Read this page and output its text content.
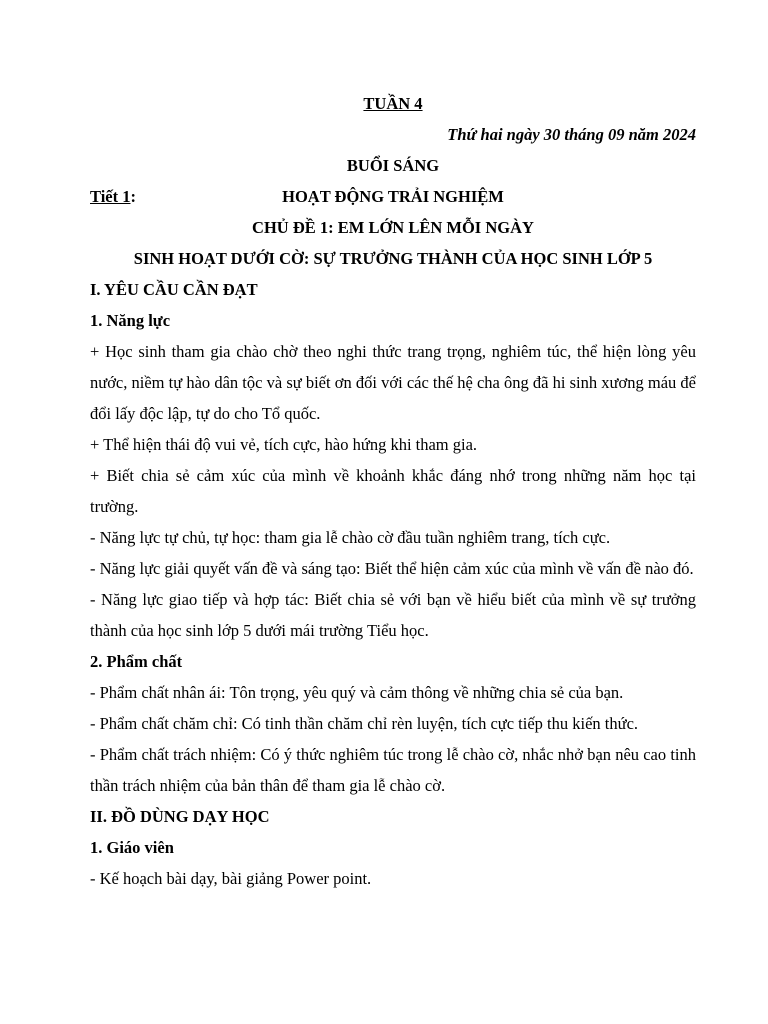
TUẦN 4
Thứ hai ngày 30 tháng 09 năm 2024
BUỔI SÁNG
Tiết 1:	HOẠT ĐỘNG TRẢI NGHIỆM
CHỦ ĐỀ 1: EM LỚN LÊN MỖI NGÀY
SINH HOẠT DƯỚI CỜ: SỰ TRƯỞNG THÀNH CỦA HỌC SINH LỚP 5
I. YÊU CẦU CẦN ĐẠT
1. Năng lực

+ Học sinh tham gia chào chờ theo nghi thức trang trọng, nghiêm túc, thể hiện lòng yêu nước, niềm tự hào dân tộc và sự biết ơn đối với các thế hệ cha ông đã hi sinh xương máu để đổi lấy độc lập, tự do cho Tổ quốc.

+ Thể hiện thái độ vui vẻ, tích cực, hào hứng khi tham gia.

+ Biết chia sẻ cảm xúc của mình về khoảnh khắc đáng nhớ trong những năm học tại trường.

- Năng lực tự chủ, tự học: tham gia lễ chào cờ đầu tuần nghiêm trang, tích cực.

- Năng lực giải quyết vấn đề và sáng tạo: Biết thể hiện cảm xúc của mình về vấn đề nào đó.

- Năng lực giao tiếp và hợp tác: Biết chia sẻ với bạn về hiểu biết của mình về sự trưởng thành của học sinh lớp 5 dưới mái trường Tiểu học.

2. Phẩm chất

- Phẩm chất nhân ái: Tôn trọng, yêu quý và cảm thông về những chia sẻ của bạn.

- Phẩm chất chăm chỉ: Có tinh thần chăm chỉ rèn luyện, tích cực tiếp thu kiến thức.

- Phẩm chất trách nhiệm: Có ý thức nghiêm túc trong lễ chào cờ, nhắc nhở bạn nêu cao tinh thần trách nhiệm của bản thân để tham gia lễ chào cờ.

II. ĐỒ DÙNG DẠY HỌC
1. Giáo viên

- Kế hoạch bài dạy, bài giảng Power point.
